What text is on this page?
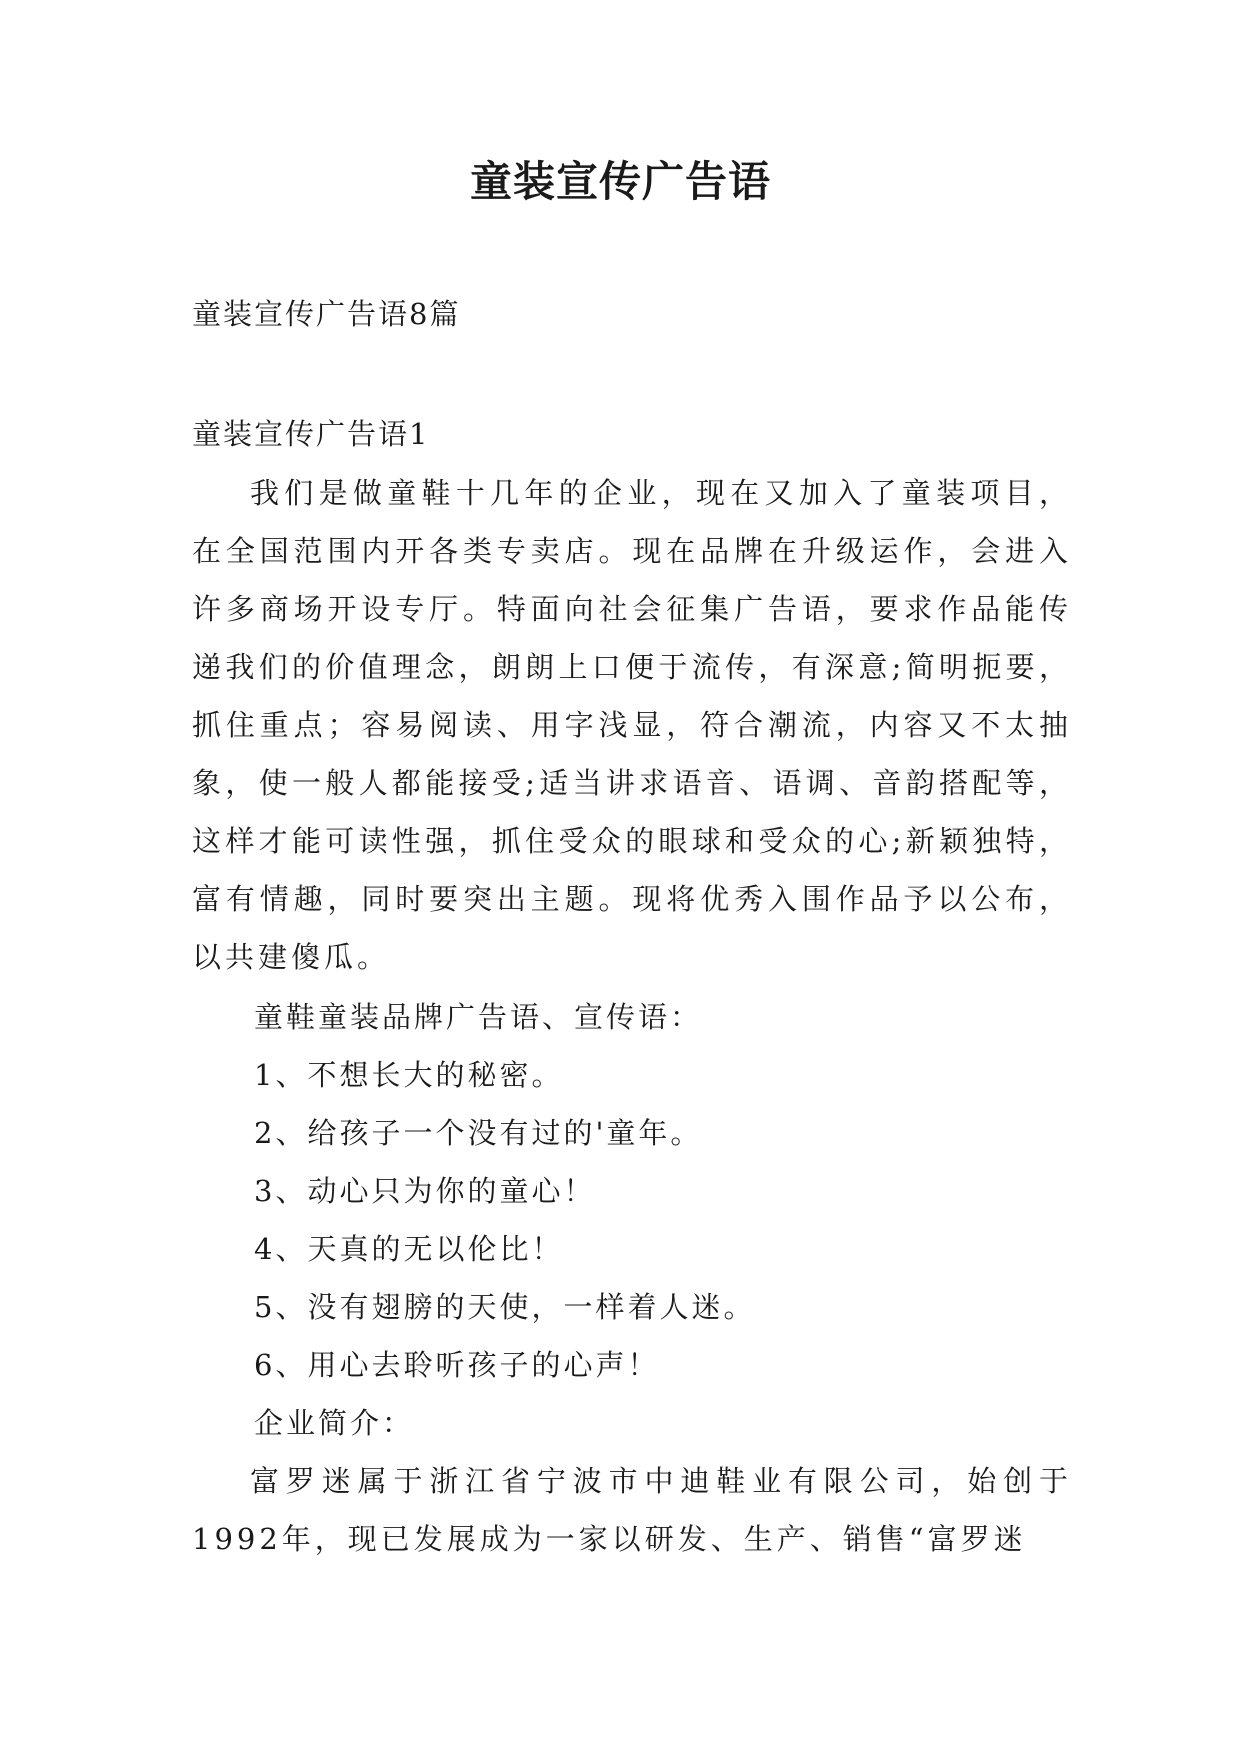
童装宣传广告语
童装宣传广告语8篇
童装宣传广告语1

我们是做童鞋十几年的企业，现在又加入了童装项目，在全国范围内开各类专卖店。现在品牌在升级运作，会进入许多商场开设专厅。特面向社会征集广告语，要求作品能传递我们的价值理念，朗朗上口便于流传，有深意;简明扼要，抓住重点；容易阅读、用字浅显，符合潮流，内容又不太抽象，使一般人都能接受;适当讲求语音、语调、音韵搭配等，这样才能可读性强，抓住受众的眼球和受众的心;新颖独特，富有情趣，同时要突出主题。现将优秀入围作品予以公布，以共建傻瓜。

童鞋童装品牌广告语、宣传语：
1、不想长大的秘密。
2、给孩子一个没有过的'童年。
3、动心只为你的童心！
4、天真的无以伦比！
5、没有翅膀的天使，一样着人迷。
6、用心去聆听孩子的心声！
企业简介：

富罗迷属于浙江省宁波市中迪鞋业有限公司，始创于1992年，现已发展成为一家以研发、生产、销售“富罗迷
